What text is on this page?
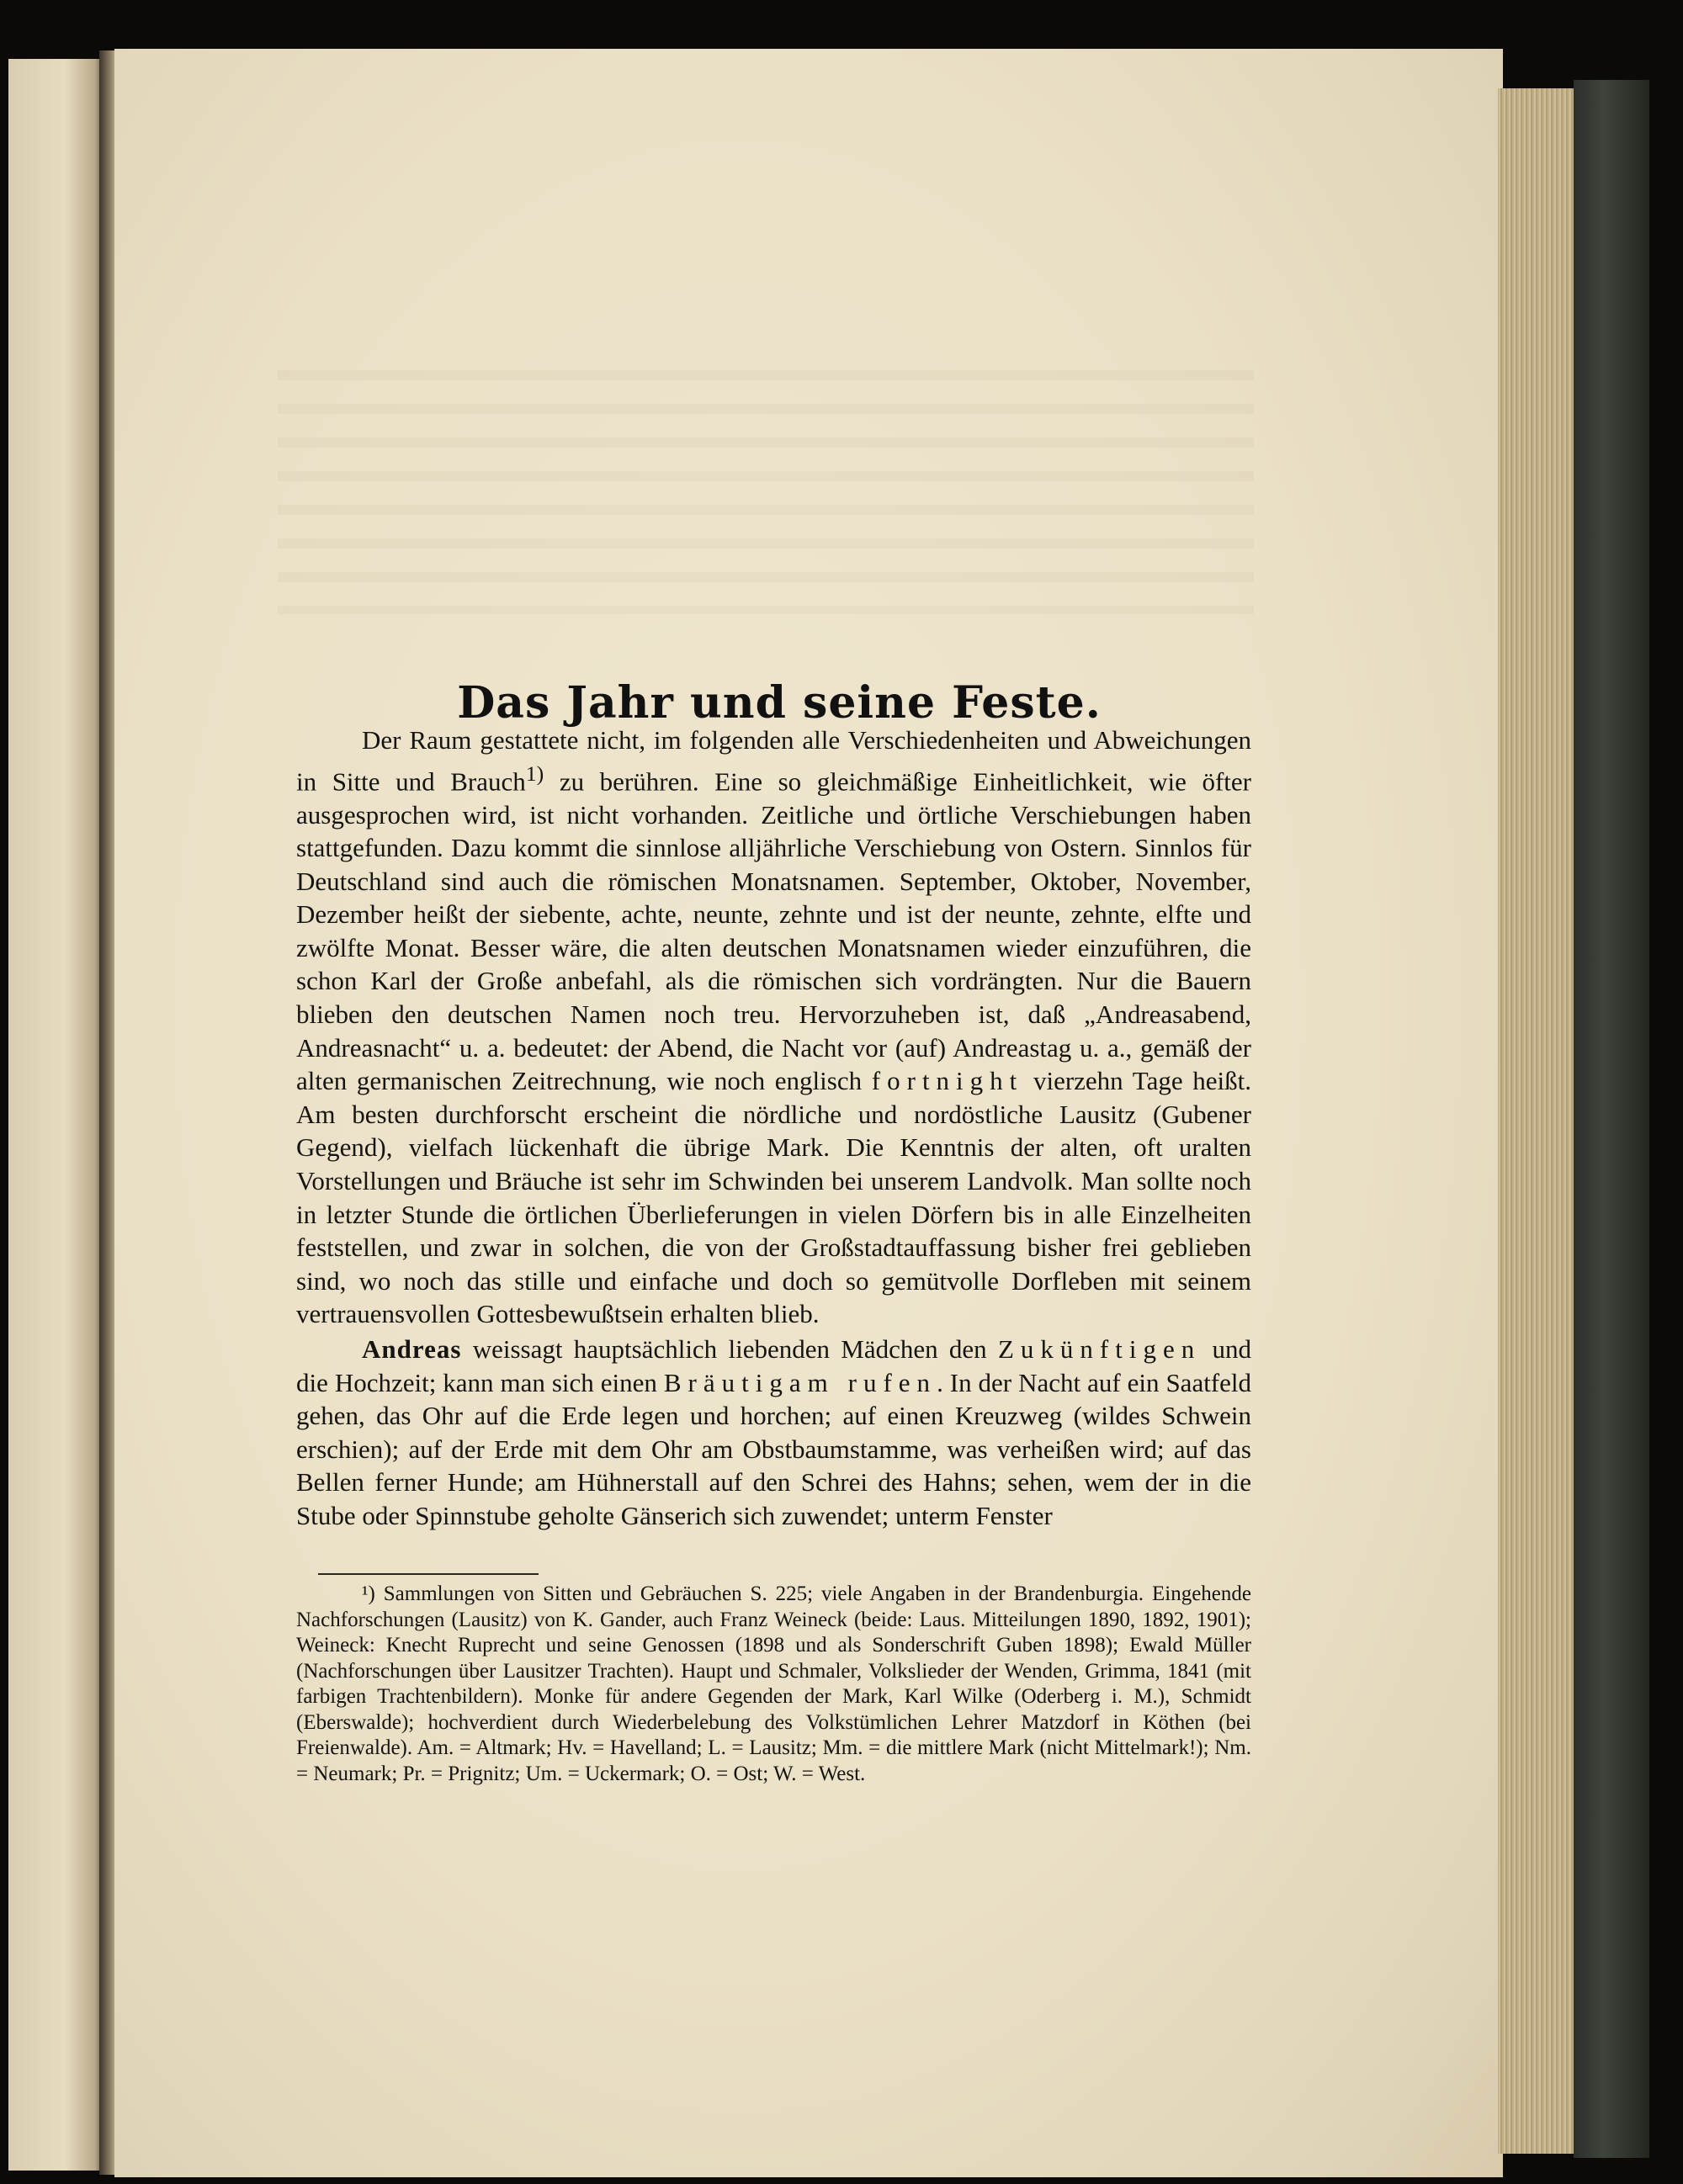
Das Jahr und seine Feste.

Der Raum gestattete nicht, im folgenden alle Verschiedenheiten und Abweichungen in Sitte und Brauch$^{1)}$ zu berühren. Eine so gleichmäßige Einheitlichkeit, wie öfter ausgesprochen wird, ist nicht vorhanden. Zeitliche und örtliche Verschiebungen haben stattgefunden. Dazu kommt die sinnlose alljährliche Verschiebung von Ostern. Sinnlos für Deutschland sind auch die römischen Monatsnamen. September, Oktober, November, Dezember heißt der siebente, achte, neunte, zehnte und ist der neunte, zehnte, elfte und zwölfte Monat. Besser wäre, die alten deutschen Monatsnamen wieder einzuführen, die schon Karl der Große anbefahl, als die römischen sich vordrängten. Nur die Bauern blieben den deutschen Namen noch treu. Hervorzuheben ist, daß „Andreasabend, Andreasnacht“ u. a. bedeutet: der Abend, die Nacht vor (auf) Andreastag u. a., gemäß der alten germanischen Zeitrechnung, wie noch englisch fortnight vierzehn Tage heißt. Am besten durchforscht erscheint die nördliche und nordöstliche Lausitz (Gubener Gegend), vielfach lückenhaft die übrige Mark. Die Kenntnis der alten, oft uralten Vorstellungen und Bräuche ist sehr im Schwinden bei unserem Landvolk. Man sollte noch in letzter Stunde die örtlichen Überlieferungen in vielen Dörfern bis in alle Einzelheiten feststellen, und zwar in solchen, die von der Großstadtauffassung bisher frei geblieben sind, wo noch das stille und einfache und doch so gemütvolle Dorfleben mit seinem vertrauensvollen Gottesbewußtsein erhalten blieb.

Andreas weissagt hauptsächlich liebenden Mädchen den Zukünftigen und die Hochzeit; kann man sich einen Bräutigam rufen. In der Nacht auf ein Saatfeld gehen, das Ohr auf die Erde legen und horchen; auf einen Kreuzweg (wildes Schwein erschien); auf der Erde mit dem Ohr am Obstbaumstamme, was verheißen wird; auf das Bellen ferner Hunde; am Hühnerstall auf den Schrei des Hahns; sehen, wem der in die Stube oder Spinnstube geholte Gänserich sich zuwendet; unterm Fenster

¹) Sammlungen von Sitten und Gebräuchen S. 225; viele Angaben in der Brandenburgia. Eingehende Nachforschungen (Lausitz) von K. Gander, auch Franz Weineck (beide: Laus. Mitteilungen 1890, 1892, 1901); Weineck: Knecht Ruprecht und seine Genossen (1898 und als Sonderschrift Guben 1898); Ewald Müller (Nachforschungen über Lausitzer Trachten). Haupt und Schmaler, Volkslieder der Wenden, Grimma, 1841 (mit farbigen Trachtenbildern). Monke für andere Gegenden der Mark, Karl Wilke (Oderberg i. M.), Schmidt (Eberswalde); hochverdient durch Wiederbelebung des Volkstümlichen Lehrer Matzdorf in Köthen (bei Freienwalde). Am. = Altmark; Hv. = Havelland; L. = Lausitz; Mm. = die mittlere Mark (nicht Mittelmark!); Nm. = Neumark; Pr. = Prignitz; Um. = Uckermark; O. = Ost; W. = West.
